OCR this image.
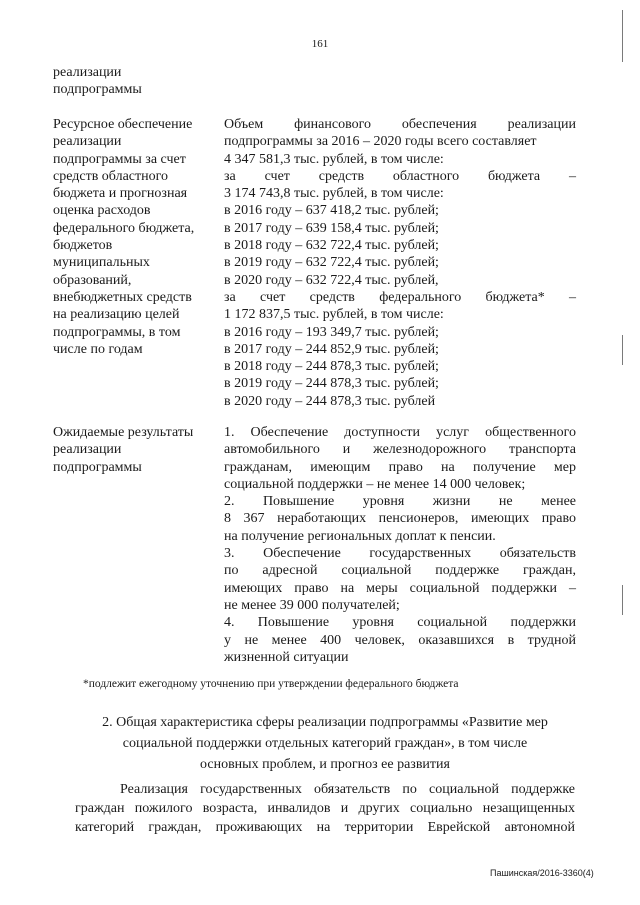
161
реализации
подпрограммы
Ресурсное обеспечение
реализации
подпрограммы за счет
средств областного
бюджета и прогнозная
оценка расходов
федерального бюджета,
бюджетов
муниципальных
образований,
внебюджетных средств
на реализацию целей
подпрограммы, в том
числе по годам
Объем финансового обеспечения реализации
подпрограммы за 2016 – 2020 годы всего составляет
4 347 581,3 тыс. рублей, в том числе:
за счет средств областного бюджета –
3 174 743,8 тыс. рублей, в том числе:
в 2016 году – 637 418,2 тыс. рублей;
в 2017 году – 639 158,4 тыс. рублей;
в 2018 году – 632 722,4 тыс. рублей;
в 2019 году – 632 722,4 тыс. рублей;
в 2020 году – 632 722,4 тыс. рублей,
за счет средств федерального бюджета* –
1 172 837,5 тыс. рублей, в том числе:
в 2016 году – 193 349,7 тыс. рублей;
в 2017 году – 244 852,9 тыс. рублей;
в 2018 году – 244 878,3 тыс. рублей;
в 2019 году – 244 878,3 тыс. рублей;
в 2020 году – 244 878,3 тыс. рублей
Ожидаемые результаты
реализации
подпрограммы
1. Обеспечение доступности услуг общественного
автомобильного и железнодорожного транспорта
гражданам, имеющим право на получение мер
социальной поддержки – не менее 14 000 человек;
2. Повышение уровня жизни не менее
8 367 неработающих пенсионеров, имеющих право
на получение региональных доплат к пенсии.
3. Обеспечение государственных обязательств
по адресной социальной поддержке граждан,
имеющих право на меры социальной поддержки –
не менее 39 000 получателей;
4. Повышение уровня социальной поддержки
у не менее 400 человек, оказавшихся в трудной
жизненной ситуации
*подлежит ежегодному уточнению при утверждении федерального бюджета
2. Общая характеристика сферы реализации подпрограммы «Развитие мер
социальной поддержки отдельных категорий граждан», в том числе
основных проблем, и прогноз ее развития
Реализация государственных обязательств по социальной поддержке
граждан пожилого возраста, инвалидов и других социально незащищенных
категорий граждан, проживающих на территории Еврейской автономной
Пашинская/2016-3360(4)
